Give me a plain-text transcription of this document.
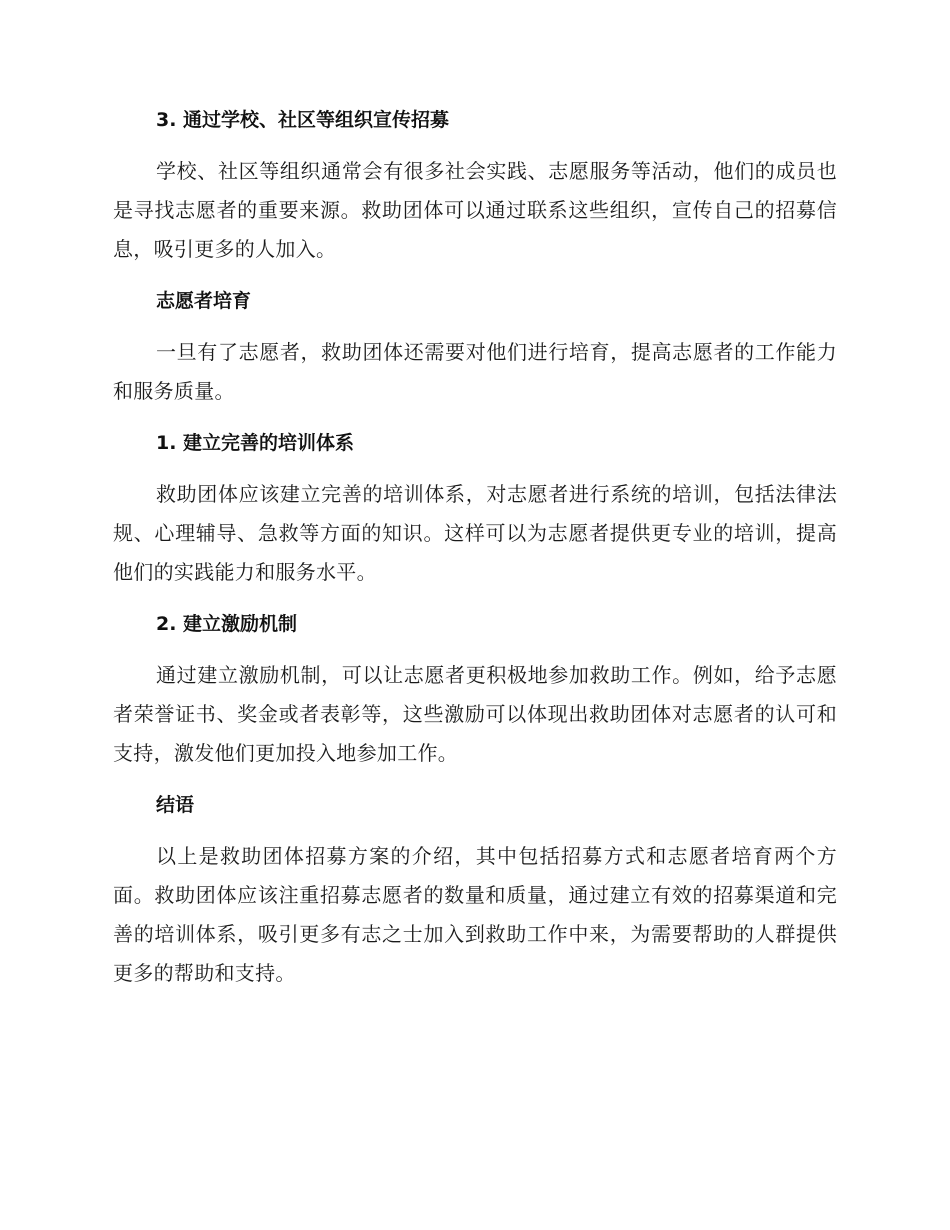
3. 通过学校、社区等组织宣传招募

学校、社区等组织通常会有很多社会实践、志愿服务等活动，他们的成员也是寻找志愿者的重要来源。救助团体可以通过联系这些组织，宣传自己的招募信息，吸引更多的人加入。

志愿者培育

一旦有了志愿者，救助团体还需要对他们进行培育，提高志愿者的工作能力和服务质量。

1. 建立完善的培训体系

救助团体应该建立完善的培训体系，对志愿者进行系统的培训，包括法律法规、心理辅导、急救等方面的知识。这样可以为志愿者提供更专业的培训，提高他们的实践能力和服务水平。

2. 建立激励机制

通过建立激励机制，可以让志愿者更积极地参加救助工作。例如，给予志愿者荣誉证书、奖金或者表彰等，这些激励可以体现出救助团体对志愿者的认可和支持，激发他们更加投入地参加工作。

结语

以上是救助团体招募方案的介绍，其中包括招募方式和志愿者培育两个方面。救助团体应该注重招募志愿者的数量和质量，通过建立有效的招募渠道和完善的培训体系，吸引更多有志之士加入到救助工作中来，为需要帮助的人群提供更多的帮助和支持。
